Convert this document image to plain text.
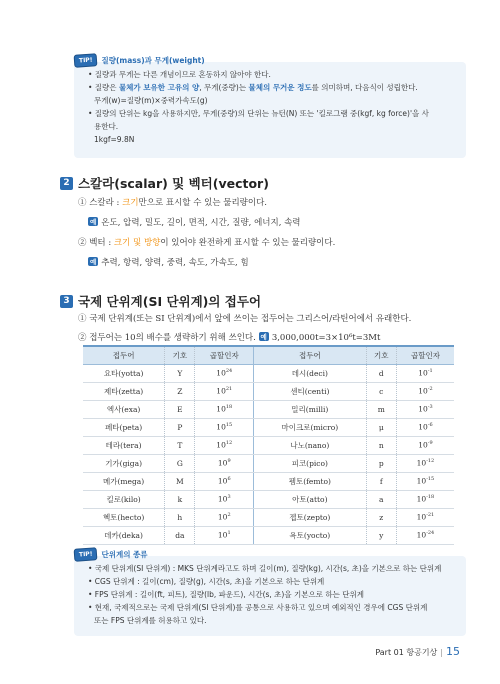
TIP!	질량(mass)과 무게(weight)
• 질량과 무게는 다른 개념이므로 혼동하지 않아야 한다.
• 질량은 물체가 보유한 고유의 양, 무게(중량)는 물체의 무거운 정도를 의미하며, 다음식이 성립한다.
무게(w)=질량(m)×중력가속도(g)
• 질량의 단위는 kg을 사용하지만, 무게(중량)의 단위는 뉴턴(N) 또는 '킬로그램 중(kgf, kg force)'을 사
용한다.
1kgf=9.8N
2 스칼라(scalar) 및 벡터(vector)
① 스칼라 : 크기만으로 표시할 수 있는 물리량이다.
예 온도, 압력, 밀도, 길이, 면적, 시간, 질량, 에너지, 속력
② 벡터 : 크기 및 방향이 있어야 완전하게 표시할 수 있는 물리량이다.
예 추력, 항력, 양력, 중력, 속도, 가속도, 힘
3 국제 단위계(SI 단위계)의 접두어
① 국제 단위계(또는 SI 단위계)에서 앞에 쓰이는 접두어는 그리스어/라틴어에서 유래한다.
② 접두어는 10의 배수를 생략하기 위해 쓰인다. 예 3,000,000t=3×10⁶t=3Mt
접두어	기호	곱할인자	접두어	기호	곱할인자
요타(yotta)	Y	$10^{24}$	데시(deci)	d	$10^{-1}$
제타(zetta)	Z	$10^{21}$	센티(centi)	c	$10^{-2}$
엑사(exa)	E	$10^{18}$	밀리(milli)	m	$10^{-3}$
페타(peta)	P	$10^{15}$	마이크로(micro)	μ	$10^{-6}$
테라(tera)	T	$10^{12}$	나노(nano)	n	$10^{-9}$
기가(giga)	G	$10^9$	피코(pico)	p	$10^{-12}$
메가(mega)	M	$10^6$	펨토(femto)	f	$10^{-15}$
킬로(kilo)	k	$10^3$	아토(atto)	a	$10^{-18}$
헥토(hecto)	h	$10^2$	젭토(zepto)	z	$10^{-21}$
데카(deka)	da	$10^1$	욕토(yocto)	y	$10^{-24}$
TIP!	단위계의 종류
• 국제 단위계(SI 단위계) : MKS 단위계라고도 하며 길이(m), 질량(kg), 시간(s, 초)을 기본으로 하는 단위계
• CGS 단위계 : 길이(cm), 질량(g), 시간(s, 초)을 기본으로 하는 단위계
• FPS 단위계 : 길이(ft, 피트), 질량(lb, 파운드), 시간(s, 초)을 기본으로 하는 단위계
• 현재, 국제적으로는 국제 단위계(SI 단위계)를 공통으로 사용하고 있으며 예외적인 경우에 CGS 단위계
또는 FPS 단위계를 허용하고 있다.
Part 01 항공기상 | 15
